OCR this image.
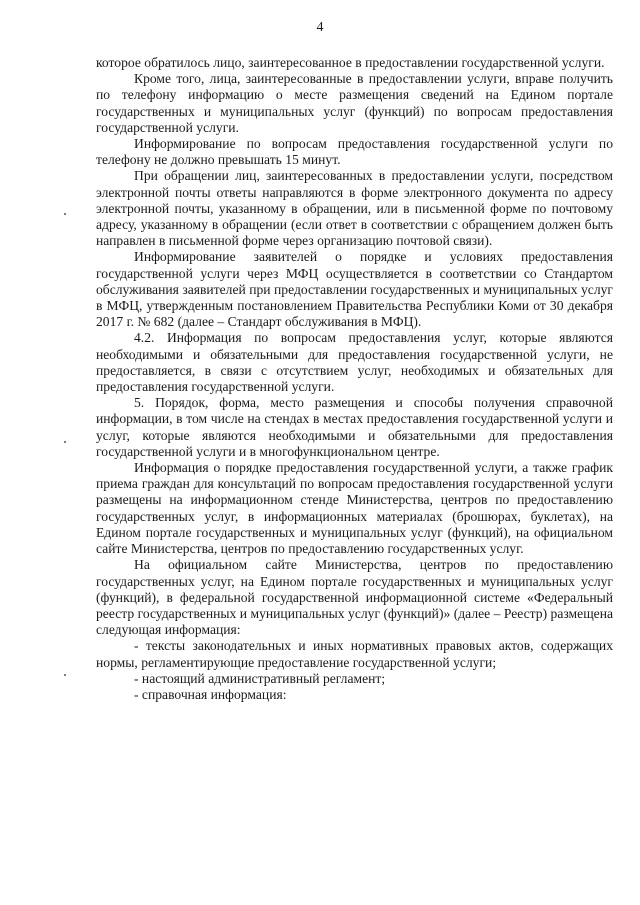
4

которое обратилось лицо, заинтересованное в предоставлении государственной услуги.

Кроме того, лица, заинтересованные в предоставлении услуги, вправе получить по телефону информацию о месте размещения сведений на Едином портале государственных и муниципальных услуг (функций) по вопросам предоставления государственной услуги.

Информирование по вопросам предоставления государственной услуги по телефону не должно превышать 15 минут.

При обращении лиц, заинтересованных в предоставлении услуги, посредством электронной почты ответы направляются в форме электронного документа по адресу электронной почты, указанному в обращении, или в письменной форме по почтовому адресу, указанному в обращении (если ответ в соответствии с обращением должен быть направлен в письменной форме через организацию почтовой связи).

Информирование заявителей о порядке и условиях предоставления государственной услуги через МФЦ осуществляется в соответствии со Стандартом обслуживания заявителей при предоставлении государственных и муниципальных услуг в МФЦ, утвержденным постановлением Правительства Республики Коми от 30 декабря 2017 г. № 682 (далее – Стандарт обслуживания в МФЦ).

4.2. Информация по вопросам предоставления услуг, которые являются необходимыми и обязательными для предоставления государственной услуги, не предоставляется, в связи с отсутствием услуг, необходимых и обязательных для предоставления государственной услуги.

5. Порядок, форма, место размещения и способы получения справочной информации, в том числе на стендах в местах предоставления государственной услуги и услуг, которые являются необходимыми и обязательными для предоставления государственной услуги и в многофункциональном центре.

Информация о порядке предоставления государственной услуги, а также график приема граждан для консультаций по вопросам предоставления государственной услуги размещены на информационном стенде Министерства, центров по предоставлению государственных услуг, в информационных материалах (брошюрах, буклетах), на Едином портале государственных и муниципальных услуг (функций), на официальном сайте Министерства, центров по предоставлению государственных услуг.

На официальном сайте Министерства, центров по предоставлению государственных услуг, на Едином портале государственных и муниципальных услуг (функций), в федеральной государственной информационной системе «Федеральный реестр государственных и муниципальных услуг (функций)» (далее – Реестр) размещена следующая информация:

- тексты законодательных и иных нормативных правовых актов, содержащих нормы, регламентирующие предоставление государственной услуги;

- настоящий административный регламент;

- справочная информация:
